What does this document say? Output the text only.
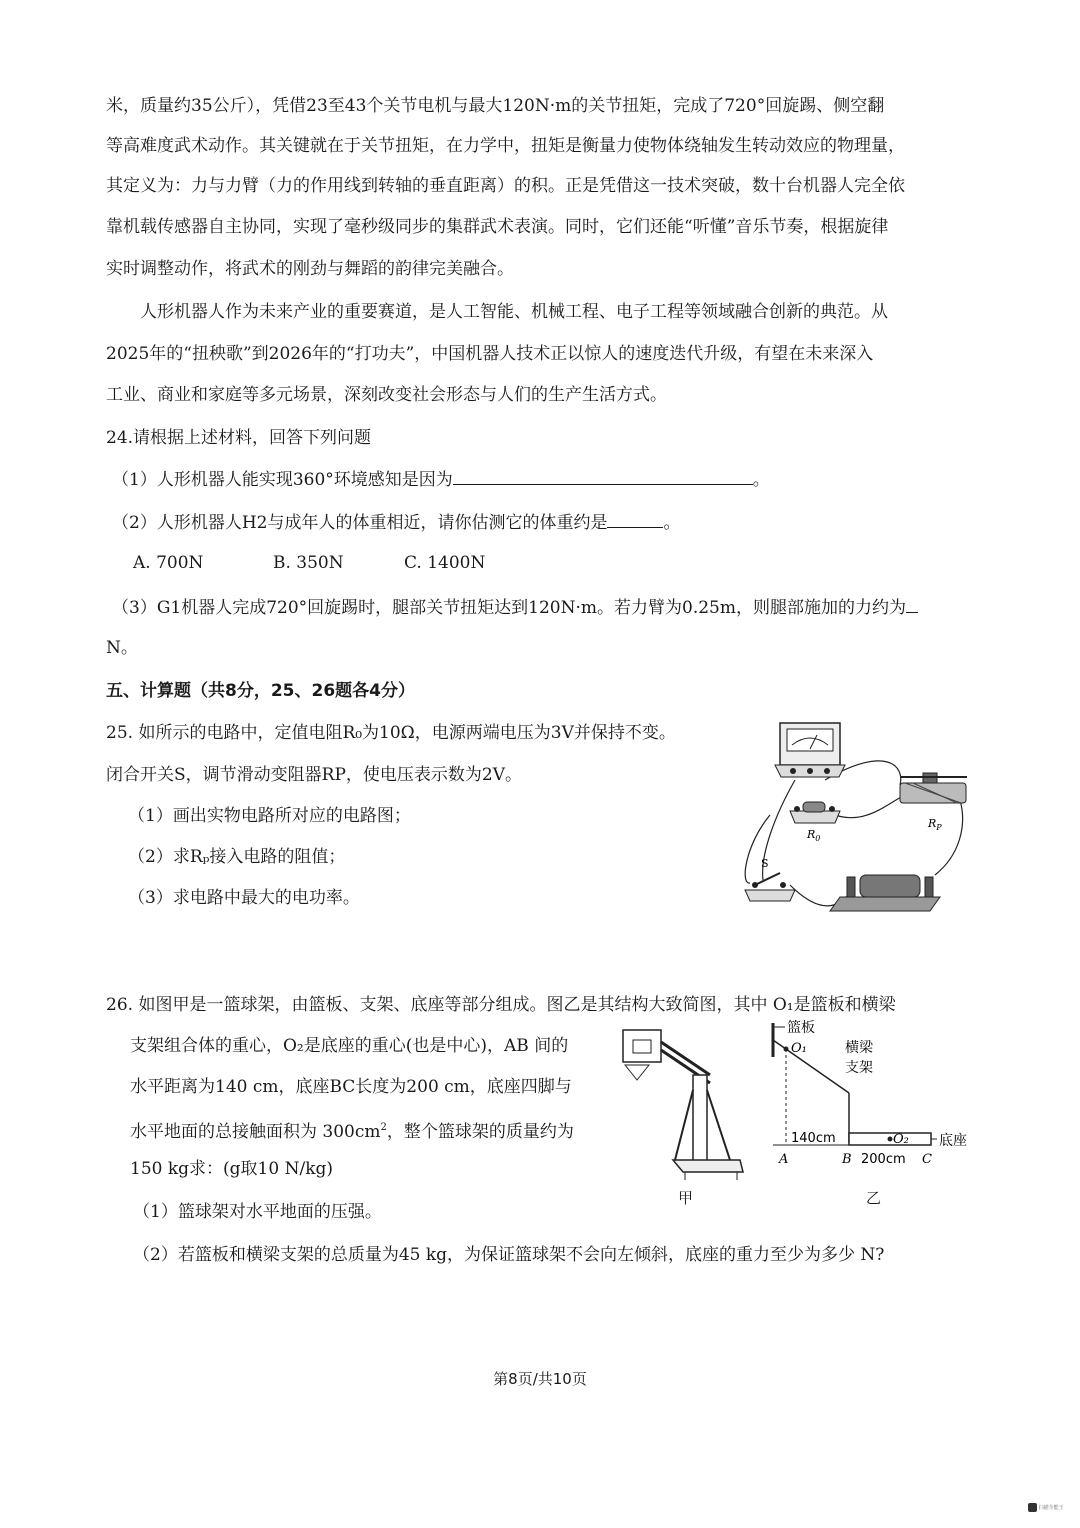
米，质量约35公斤），凭借23至43个关节电机与最大120N·m的关节扭矩，完成了720°回旋踢、侧空翻
等高难度武术动作。其关键就在于关节扭矩，在力学中，扭矩是衡量力使物体绕轴发生转动效应的物理量，
其定义为：力与力臂（力的作用线到转轴的垂直距离）的积。正是凭借这一技术突破，数十台机器人完全依
靠机载传感器自主协同，实现了毫秒级同步的集群武术表演。同时，它们还能“听懂”音乐节奏，根据旋律
实时调整动作，将武术的刚劲与舞蹈的韵律完美融合。
人形机器人作为未来产业的重要赛道，是人工智能、机械工程、电子工程等领域融合创新的典范。从
2025年的“扭秧歌”到2026年的“打功夫”，中国机器人技术正以惊人的速度迭代升级，有望在未来深入
工业、商业和家庭等多元场景，深刻改变社会形态与人们的生产生活方式。
24.请根据上述材料，回答下列问题
（1）人形机器人能实现360°环境感知是因为	。
（2）人形机器人H2与成年人的体重相近，请你估测它的体重约是	。
A. 700N	B. 350N	C. 1400N
（3）G1机器人完成720°回旋踢时，腿部关节扭矩达到120N·m。若力臂为0.25m，则腿部施加的力约为
N。
五、计算题（共8分，25、26题各4分）
25. 如所示的电路中，定值电阻R₀为10Ω，电源两端电压为3V并保持不变。
闭合开关S，调节滑动变阻器RP，使电压表示数为2V。
（1）画出实物电路所对应的电路图；
（2）求Rₚ接入电路的阻值；
（3）求电路中最大的电功率。
$R_0$
$R_P$
S
26. 如图甲是一篮球架，由篮板、支架、底座等部分组成。图乙是其结构大致简图，其中 O₁是篮板和横梁
支架组合体的重心，O₂是底座的重心(也是中心)，AB 间的
水平距离为140 cm，底座BC长度为200 cm，底座四脚与
水平地面的总接触面积为 $300cm^2$，整个篮球架的质量约为
150 kg求：(g取10 N/kg)
（1）篮球架对水平地面的压强。
（2）若篮板和横梁支架的总质量为45 kg，为保证篮球架不会向左倾斜，底座的重力至少为多少 N?
甲
篮板
O₁	横梁
支架
140cm	O₂ 底座
A	B 200cm C
乙
第8页/共10页
扫描全能王
